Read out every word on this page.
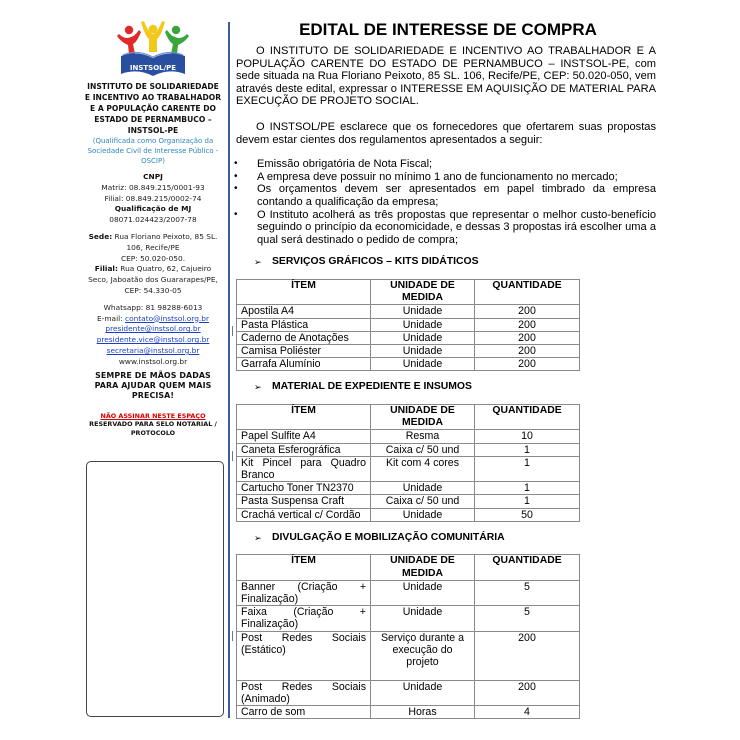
INSTSOL/PE
INSTITUTO DE SOLIDARIEDADE E INCENTIVO AO TRABALHADOR E A POPULAÇÃO CARENTE DO ESTADO DE PERNAMBUCO – INSTSOL-PE
(Qualificada como Organização da Sociedade Civil de Interesse Público - OSCIP)
CNPJ
Matriz: 08.849.215/0001-93
Filial: 08.849.215/0002-74
Qualificação de MJ
08071.024423/2007-78
Sede: Rua Floriano Peixoto, 85 SL. 106, Recife/PE
CEP: 50.020-050.
Filial: Rua Quatro, 62, Cajueiro Seco, Jaboatão dos Guararapes/PE,
CEP: 54.330-05
Whatsapp: 81 98288-6013
E-mail: contato@instsol.org.br
presidente@instsol.org.br
presidente.vice@instsol.org.br
secretaria@instsol.org.br
www.instsol.org.br
SEMPRE DE MÃOS DADAS PARA AJUDAR QUEM MAIS PRECISA!
NÃO ASSINAR NESTE ESPAÇO
RESERVADO PARA SELO NOTARIAL / PROTOCOLO
EDITAL DE INTERESSE DE COMPRA

O INSTITUTO DE SOLIDARIEDADE E INCENTIVO AO TRABALHADOR E A POPULAÇÃO CARENTE DO ESTADO DE PERNAMBUCO – INSTSOL-PE, com sede situada na Rua Floriano Peixoto, 85 SL. 106, Recife/PE, CEP: 50.020-050, vem através deste edital, expressar o INTERESSE EM AQUISIÇÃO DE MATERIAL PARA EXECUÇÃO DE PROJETO SOCIAL.

O INSTSOL/PE esclarece que os fornecedores que ofertarem suas propostas devem estar cientes dos regulamentos apresentados a seguir:

• Emissão obrigatória de Nota Fiscal;
• A empresa deve possuir no mínimo 1 ano de funcionamento no mercado;
• Os orçamentos devem ser apresentados em papel timbrado da empresa contando a qualificação da empresa;
• O Instituto acolherá as três propostas que representar o melhor custo-benefício seguindo o princípio da economicidade, e dessas 3 propostas irá escolher uma a qual será destinado o pedido de compra;
➢	SERVIÇOS GRÁFICOS – KITS DIDÁTICOS
ÍTEM	UNIDADE DE MEDIDA	QUANTIDADE
Apostila A4	Unidade	200
Pasta Plástica	Unidade	200
Caderno de Anotações	Unidade	200
Camisa Poliéster	Unidade	200
Garrafa Alumínio	Unidade	200
➢	MATERIAL DE EXPEDIENTE E INSUMOS
ÍTEM	UNIDADE DE MEDIDA	QUANTIDADE
Papel Sulfite A4	Resma	10
Caneta Esferográfica	Caixa c/ 50 und	1
Kit Pincel para Quadro Branco	Kit com 4 cores	1
Cartucho Toner TN2370	Unidade	1
Pasta Suspensa Craft	Caixa c/ 50 und	1
Crachá vertical c/ Cordão	Unidade	50
➢	DIVULGAÇÃO E MOBILIZAÇÃO COMUNITÁRIA
ÍTEM	UNIDADE DE MEDIDA	QUANTIDADE
Banner (Criação + Finalização)	Unidade	5
Faixa (Criação + Finalização)	Unidade	5
Post Redes Sociais (Estático)	Serviço durante a execução do projeto	200
Post Redes Sociais (Animado)	Unidade	200
Carro de som	Horas	4
